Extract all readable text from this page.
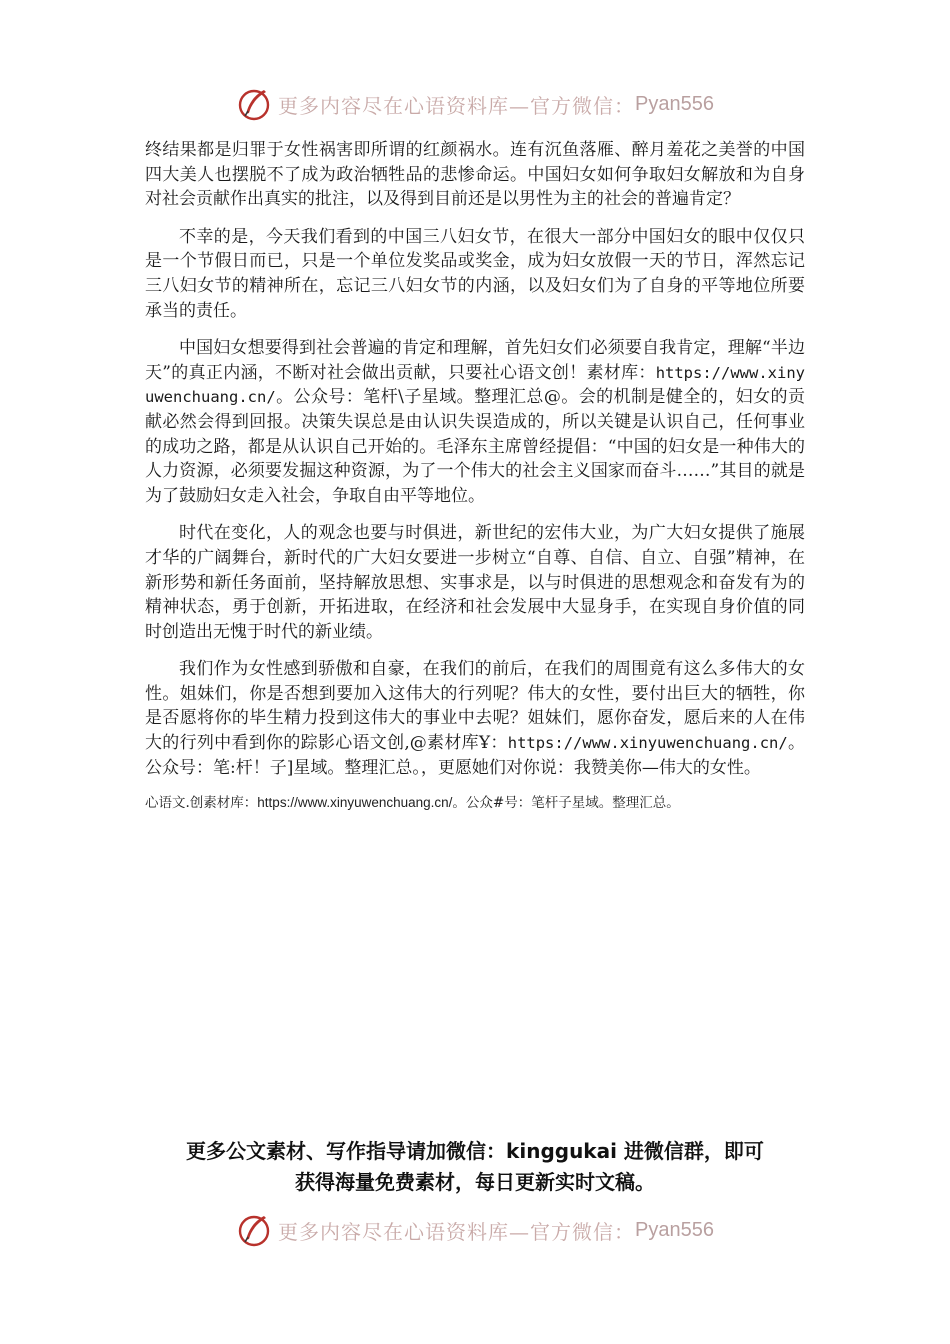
更多内容尽在心语资料库—官方微信： Pyan556

终结果都是归罪于女性祸害即所谓的红颜祸水。连有沉鱼落雁、醉月羞花之美誉的中国四大美人也摆脱不了成为政治牺牲品的悲惨命运。中国妇女如何争取妇女解放和为自身对社会贡献作出真实的批注，以及得到目前还是以男性为主的社会的普遍肯定？

不幸的是，今天我们看到的中国三八妇女节，在很大一部分中国妇女的眼中仅仅只是一个节假日而已，只是一个单位发奖品或奖金，成为妇女放假一天的节日，浑然忘记三八妇女节的精神所在，忘记三八妇女节的内涵，以及妇女们为了自身的平等地位所要承当的责任。

中国妇女想要得到社会普遍的肯定和理解，首先妇女们必须要自我肯定，理解“半边天”的真正内涵，不断对社会做出贡献，只要社心语文创！素材库：https://www.xinyuwenchuang.cn/。公众号：笔杆\子星域。整理汇总@。会的机制是健全的，妇女的贡献必然会得到回报。决策失误总是由认识失误造成的，所以关键是认识自己，任何事业的成功之路，都是从认识自己开始的。毛泽东主席曾经提倡：“中国的妇女是一种伟大的人力资源，必须要发掘这种资源，为了一个伟大的社会主义国家而奋斗……”其目的就是为了鼓励妇女走入社会，争取自由平等地位。

时代在变化，人的观念也要与时俱进，新世纪的宏伟大业，为广大妇女提供了施展才华的广阔舞台，新时代的广大妇女要进一步树立“自尊、自信、自立、自强”精神，在新形势和新任务面前，坚持解放思想、实事求是，以与时俱进的思想观念和奋发有为的精神状态，勇于创新，开拓进取，在经济和社会发展中大显身手，在实现自身价值的同时创造出无愧于时代的新业绩。

我们作为女性感到骄傲和自豪，在我们的前后，在我们的周围竟有这么多伟大的女性。姐妹们，你是否想到要加入这伟大的行列呢？伟大的女性，要付出巨大的牺牲，你是否愿将你的毕生精力投到这伟大的事业中去呢？姐妹们，愿你奋发，愿后来的人在伟大的行列中看到你的踪影心语文创,@素材库Ұ：https://www.xinyuwenchuang.cn/。公众号：笔:杆！子]星域。整理汇总。，更愿她们对你说：我赞美你—伟大的女性。

心语文.创素材库：https://www.xinyuwenchuang.cn/。公众#号：笔杆子星域。整理汇总。
更多公文素材、写作指导请加微信：kinggukai 进微信群，即可
获得海量免费素材，每日更新实时文稿。
更多内容尽在心语资料库—官方微信： Pyan556
